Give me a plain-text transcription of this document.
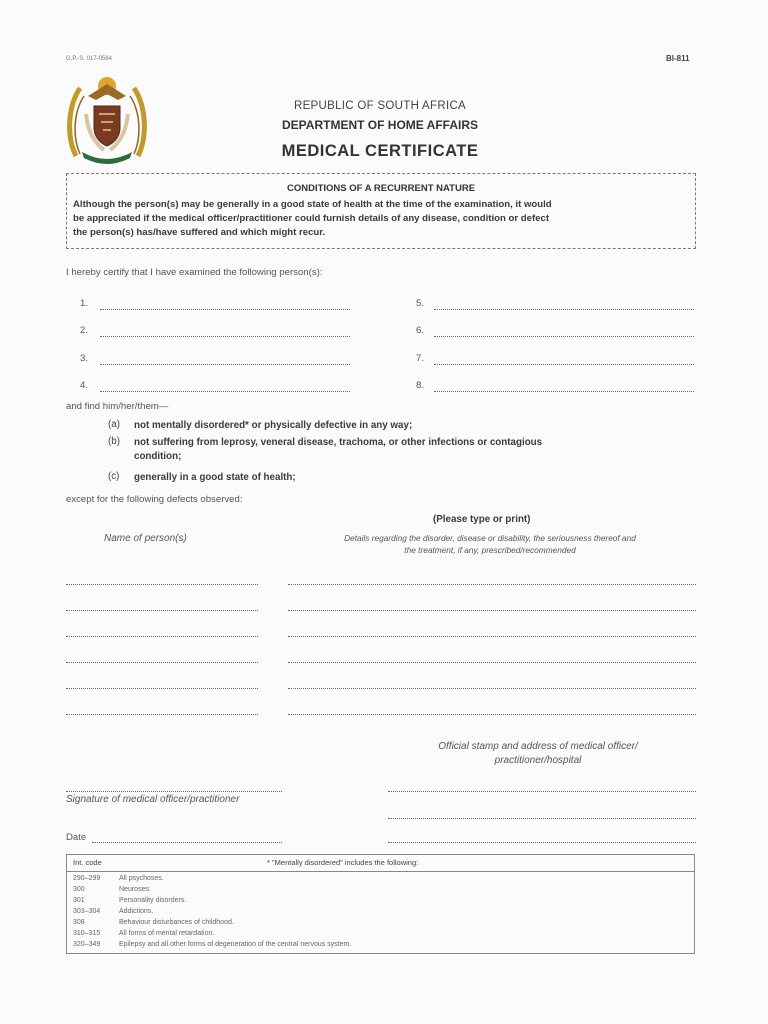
G.P.-S. 017-0584	BI-811
REPUBLIC OF SOUTH AFRICA
DEPARTMENT OF HOME AFFAIRS
MEDICAL CERTIFICATE
CONDITIONS OF A RECURRENT NATURE
Although the person(s) may be generally in a good state of health at the time of the examination, it would
be appreciated if the medical officer/practitioner could furnish details of any disease, condition or defect
the person(s) has/have suffered and which might recur.
I hereby certify that I have examined the following person(s):
1.
2.
3.
4.
5.
6.
7.
8.
and find him/her/them—
(a) not mentally disordered* or physically defective in any way;
(b) not suffering from leprosy, veneral disease, trachoma, or other infections or contagious
condition;
(c) generally in a good state of health;
except for the following defects observed:
(Please type or print)
Name of person(s)	Details regarding the disorder, disease or disability, the seriousness thereof and
the treatment, if any, prescribed/recommended
Official stamp and address of medical officer/
practitioner/hospital
Signature of medical officer/practitioner
Date
Int. code	* "Mentally disordered" includes the following:
290–299	All psychoses.
300	Neuroses.
301	Personality disorders.
303–304	Addictions.
308	Behaviour disturbances of childhood.
310–315	All forms of mental retardation.
320–349	Epilepsy and all other forms of degeneration of the central nervous system.
